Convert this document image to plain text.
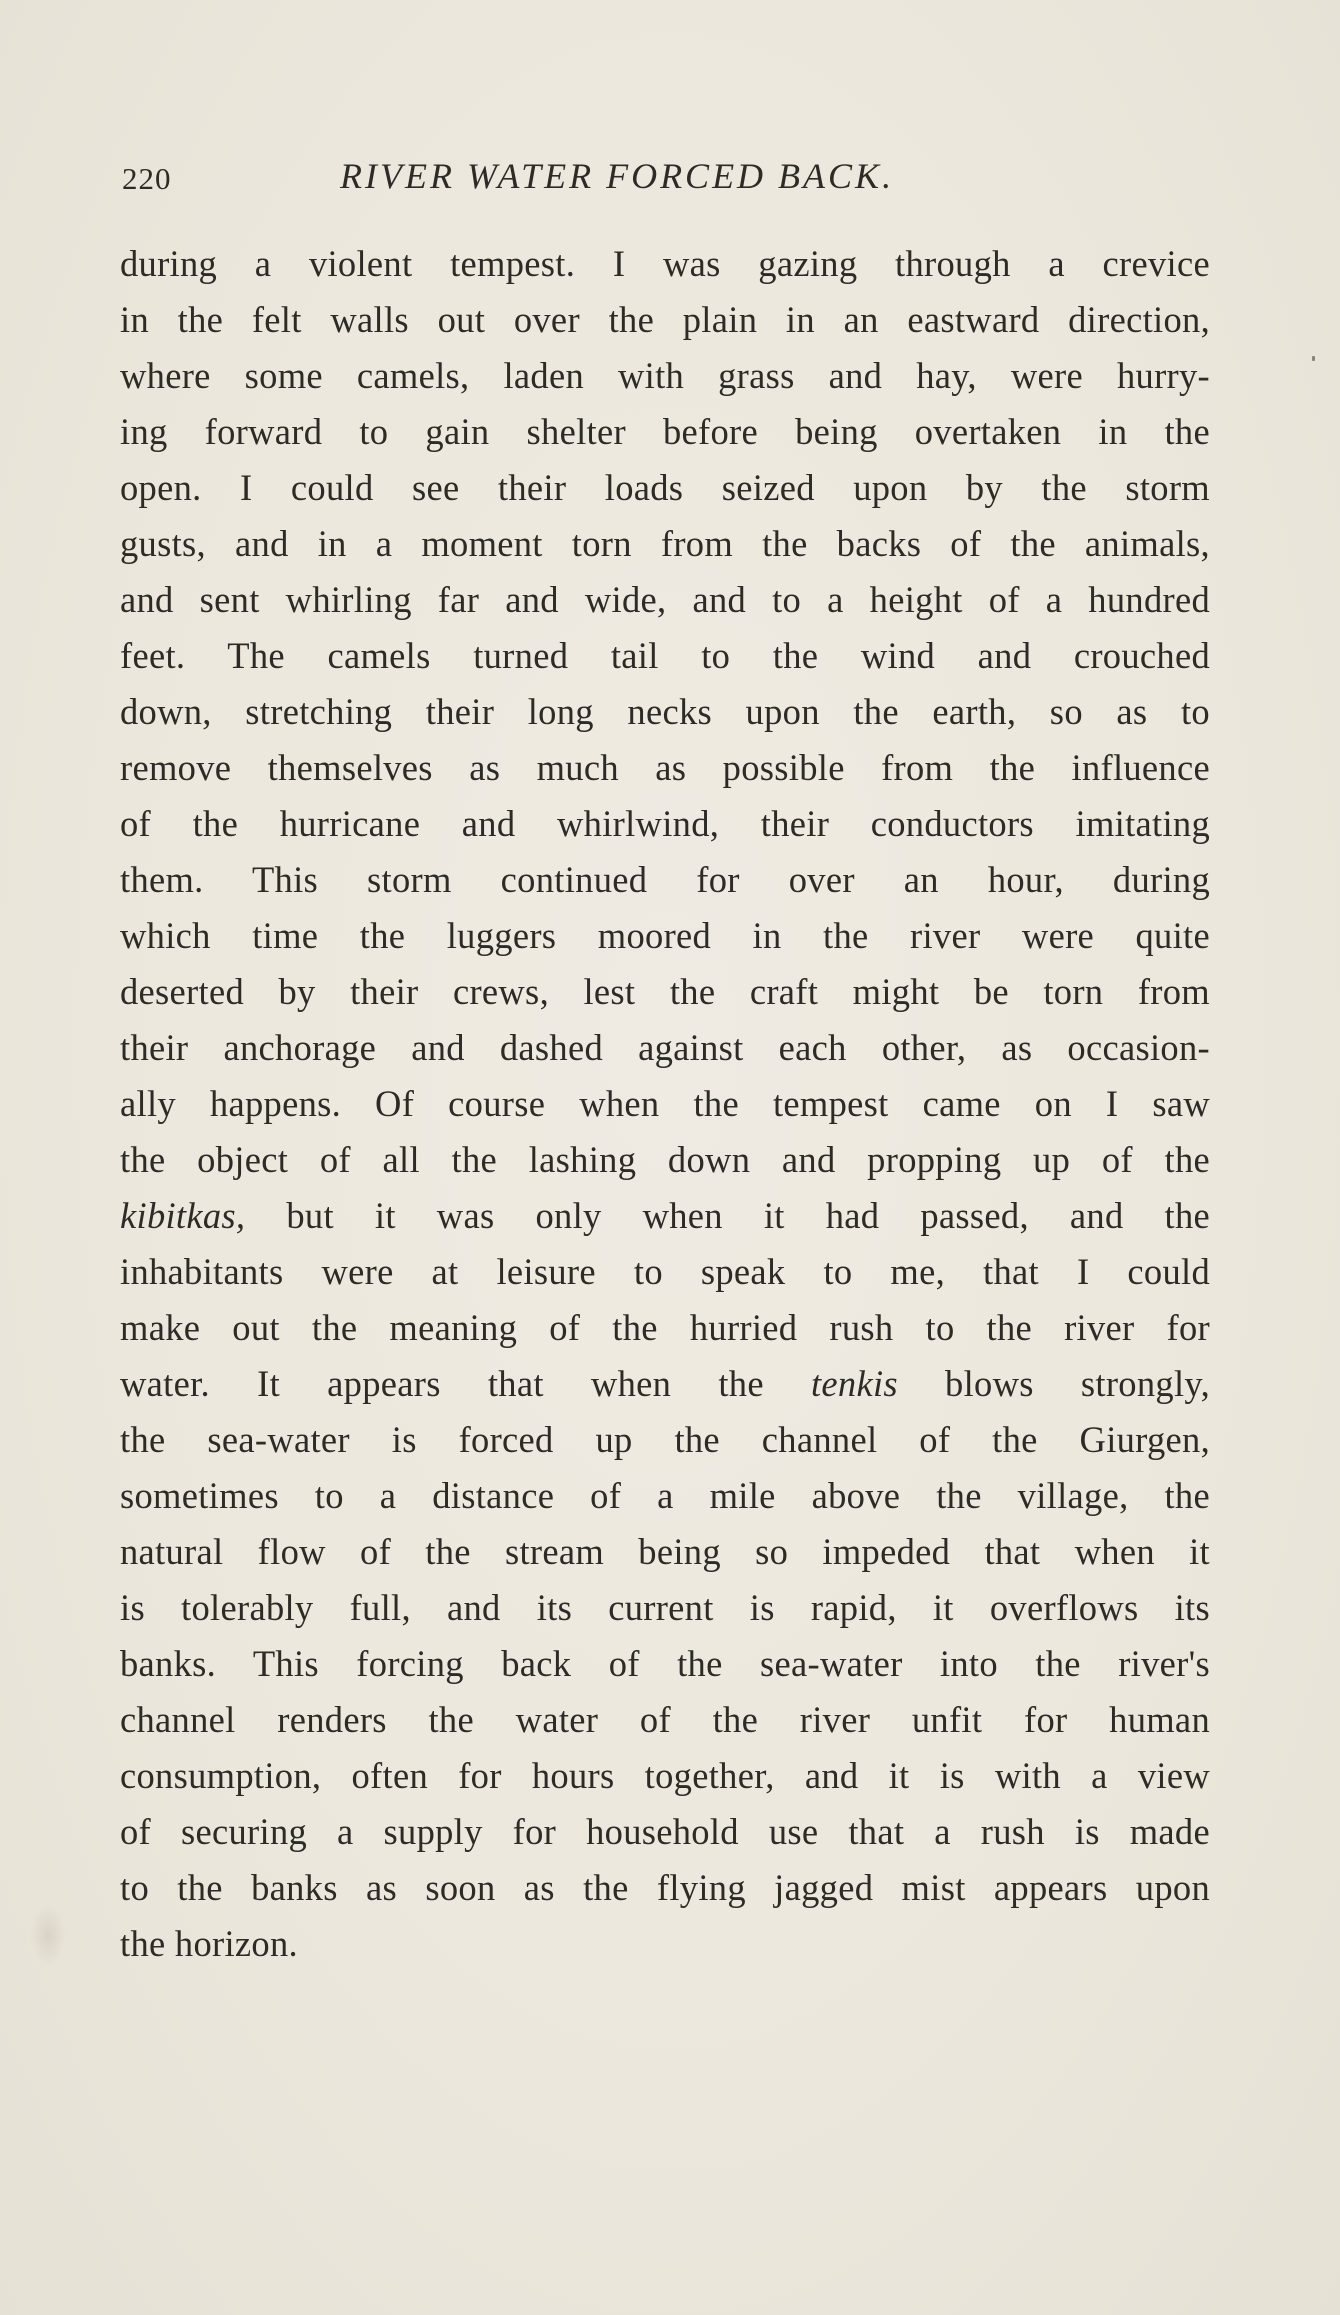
220	RIVER WATER FORCED BACK.
during a violent tempest. I was gazing through a crevice
in the felt walls out over the plain in an eastward direction,
where some camels, laden with grass and hay, were hurry-
ing forward to gain shelter before being overtaken in the
open. I could see their loads seized upon by the storm
gusts, and in a moment torn from the backs of the animals,
and sent whirling far and wide, and to a height of a hundred
feet. The camels turned tail to the wind and crouched
down, stretching their long necks upon the earth, so as to
remove themselves as much as possible from the influence
of the hurricane and whirlwind, their conductors imitating
them. This storm continued for over an hour, during
which time the luggers moored in the river were quite
deserted by their crews, lest the craft might be torn from
their anchorage and dashed against each other, as occasion-
ally happens. Of course when the tempest came on I saw
the object of all the lashing down and propping up of the
kibitkas, but it was only when it had passed, and the
inhabitants were at leisure to speak to me, that I could
make out the meaning of the hurried rush to the river for
water. It appears that when the tenkis blows strongly,
the sea-water is forced up the channel of the Giurgen,
sometimes to a distance of a mile above the village, the
natural flow of the stream being so impeded that when it
is tolerably full, and its current is rapid, it overflows its
banks. This forcing back of the sea-water into the river's
channel renders the water of the river unfit for human
consumption, often for hours together, and it is with a view
of securing a supply for household use that a rush is made
to the banks as soon as the flying jagged mist appears upon
the horizon.
